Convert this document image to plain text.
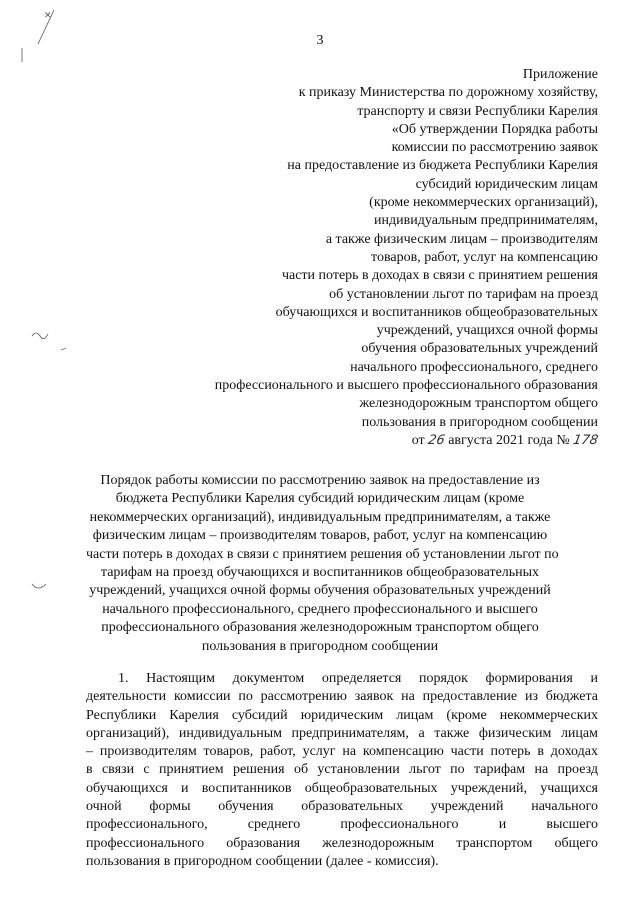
✕
3
Приложение
к приказу Министерства по дорожному хозяйству,
транспорту и связи Республики Карелия
«Об утверждении Порядка работы
комиссии по рассмотрению заявок
на предоставление из бюджета Республики Карелия
субсидий юридическим лицам
(кроме некоммерческих организаций),
индивидуальным предпринимателям,
а также физическим лицам – производителям
товаров, работ, услуг на компенсацию
части потерь в доходах в связи с принятием решения
об установлении льгот по тарифам на проезд
обучающихся и воспитанников общеобразовательных
учреждений, учащихся очной формы
обучения образовательных учреждений
начального профессионального, среднего
профессионального и высшего профессионального образования
железнодорожным транспортом общего
пользования в пригородном сообщении
от 26 августа 2021 года № 178
Порядок работы комиссии по рассмотрению заявок на предоставление из
бюджета Республики Карелия субсидий юридическим лицам (кроме
некоммерческих организаций), индивидуальным предпринимателям, а также
физическим лицам – производителям товаров, работ, услуг на компенсацию
части потерь в доходах в связи с принятием решения об установлении льгот по
тарифам на проезд обучающихся и воспитанников общеобразовательных
учреждений, учащихся очной формы обучения образовательных учреждений
начального профессионального, среднего профессионального и высшего
профессионального образования железнодорожным транспортом общего
пользования в пригородном сообщении
1. Настоящим документом определяется порядок формирования и
деятельности комиссии по рассмотрению заявок на предоставление из бюджета
Республики Карелия субсидий юридическим лицам (кроме некоммерческих
организаций), индивидуальным предпринимателям, а также физическим лицам
– производителям товаров, работ, услуг на компенсацию части потерь в доходах
в связи с принятием решения об установлении льгот по тарифам на проезд
обучающихся и воспитанников общеобразовательных учреждений, учащихся
очной формы обучения образовательных учреждений начального
профессионального, среднего профессионального и высшего
профессионального образования железнодорожным транспортом общего
пользования в пригородном сообщении (далее - комиссия).
